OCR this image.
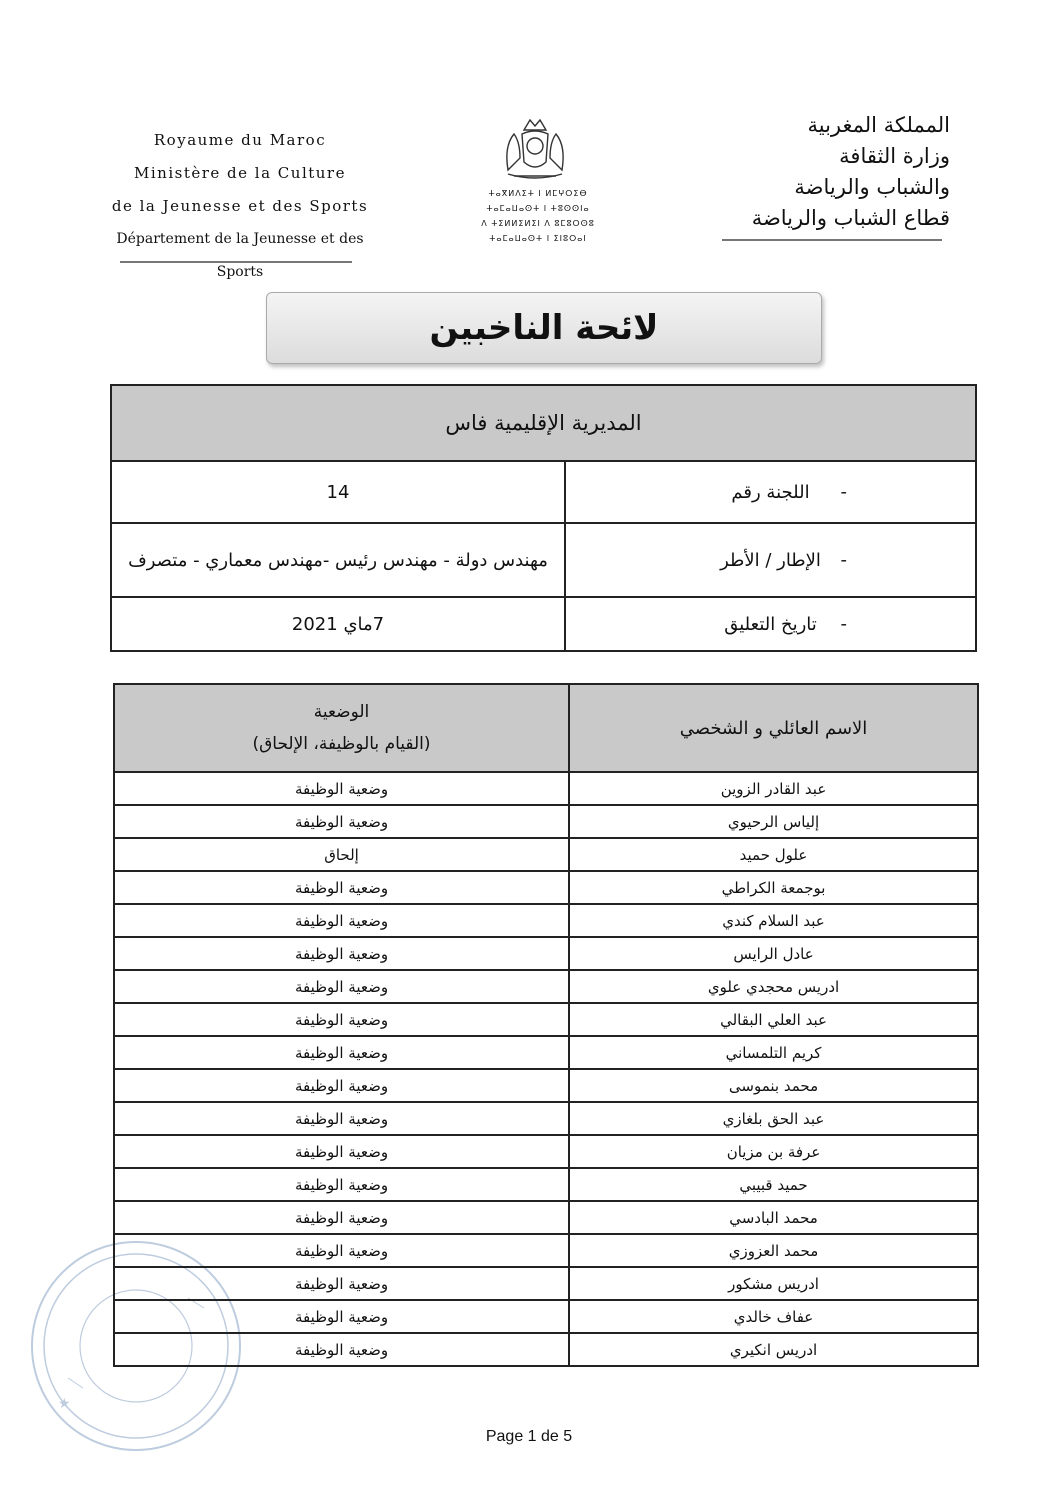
Royaume du Maroc
Ministère de la Culture
de la Jeunesse et des Sports
Département de la Jeunesse et des Sports
ⵜⴰⴳⵍⴷⵉⵜ ⵏ ⵍⵎⵖⵔⵉⴱ
ⵜⴰⵎⴰⵡⴰⵙⵜ ⵏ ⵜⵓⵙⵙⵏⴰ
ⴷ ⵜⵉⵍⵍⵉⵍⵉⵏ ⴷ ⵓⵎⵓⵔⵙⵓ
ⵜⴰⵎⴰⵡⴰⵙⵜ ⵏ ⵉⵏⵓⵔⴰⵏ
المملكة المغربية
وزارة الثقافة
والشباب والرياضة
قطاع الشباب والرياضة
لائحة الناخبين
المديرية الإقليمية فاس
14	اللجنة رقم -
مهندس دولة - مهندس رئيس -مهندس معماري - متصرف	الإطار / الأطر -
7ماي 2021	تاريخ التعليق -
★
الوضعية
(القيام بالوظيفة، الإلحاق)
الاسم العائلي و الشخصي
وضعية الوظيفة	عبد القادر الزوين
وضعية الوظيفة	إلياس الرحيوي
إلحاق	علول حميد
وضعية الوظيفة	بوجمعة الكراطي
وضعية الوظيفة	عبد السلام كندي
وضعية الوظيفة	عادل الرايس
وضعية الوظيفة	ادريس محجدي علوي
وضعية الوظيفة	عبد العلي البقالي
وضعية الوظيفة	كريم التلمساني
وضعية الوظيفة	محمد بنموسى
وضعية الوظيفة	عبد الحق بلغازي
وضعية الوظيفة	عرفة بن مزيان
وضعية الوظيفة	حميد قبيبي
وضعية الوظيفة	محمد البادسي
وضعية الوظيفة	محمد العزوزي
وضعية الوظيفة	ادريس مشكور
وضعية الوظيفة	عفاف خالدي
وضعية الوظيفة	ادريس انكيري
Page 1 de 5
